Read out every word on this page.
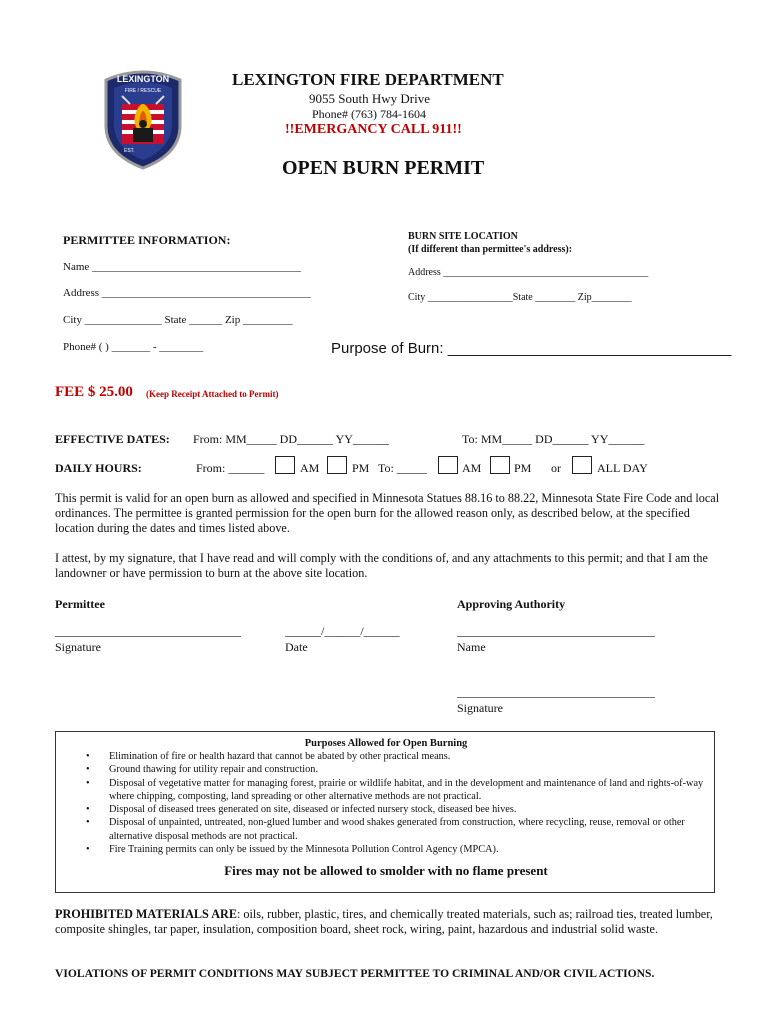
LEXINGTON
FIRE / RESCUE
EST.
LEXINGTON FIRE DEPARTMENT
9055 South Hwy Drive
Phone# (763) 784-1604
!!EMERGANCY CALL 911!!
OPEN BURN PERMIT
PERMITTEE INFORMATION:
Name ______________________________________
Address ______________________________________
City ______________ State ______ Zip _________
Phone# ( ) _______ - ________
BURN SITE LOCATION
(If different than permittee's address):
Address _________________________________________
City _________________State ________ Zip________
Purpose of Burn: __________________________________
FEE $ 25.00 (Keep Receipt Attached to Permit)
EFFECTIVE DATES: From: MM_____ DD______ YY______	To: MM_____ DD______ YY______
DAILY HOURS:	From: ______	AM	PM To: _____	AM	PM or	ALL DAY
This permit is valid for an open burn as allowed and specified in Minnesota Statues 88.16 to 88.22, Minnesota State Fire Code and local ordinances. The permittee is granted permission for the open burn for the allowed reason only, as described below, at the specified location during the dates and times listed above.
I attest, by my signature, that I have read and will comply with the conditions of, and any attachments to this permit; and that I am the landowner or have permission to burn at the above site location.
Permittee	Approving Authority
_______________________________	______/______/______	_________________________________
Signature	Date	Name
_________________________________
Signature
Purposes Allowed for Open Burning
• Elimination of fire or health hazard that cannot be abated by other practical means.
• Ground thawing for utility repair and construction.
• Disposal of vegetative matter for managing forest, prairie or wildlife habitat, and in the development and maintenance of land and rights-of-way where chipping, composting, land spreading or other alternative methods are not practical.
• Disposal of diseased trees generated on site, diseased or infected nursery stock, diseased bee hives.
• Disposal of unpainted, untreated, non-glued lumber and wood shakes generated from construction, where recycling, reuse, removal or other alternative disposal methods are not practical.
• Fire Training permits can only be issued by the Minnesota Pollution Control Agency (MPCA).
Fires may not be allowed to smolder with no flame present
PROHIBITED MATERIALS ARE: oils, rubber, plastic, tires, and chemically treated materials, such as; railroad ties, treated lumber, composite shingles, tar paper, insulation, composition board, sheet rock, wiring, paint, hazardous and industrial solid waste.
VIOLATIONS OF PERMIT CONDITIONS MAY SUBJECT PERMITTEE TO CRIMINAL AND/OR CIVIL ACTIONS.
